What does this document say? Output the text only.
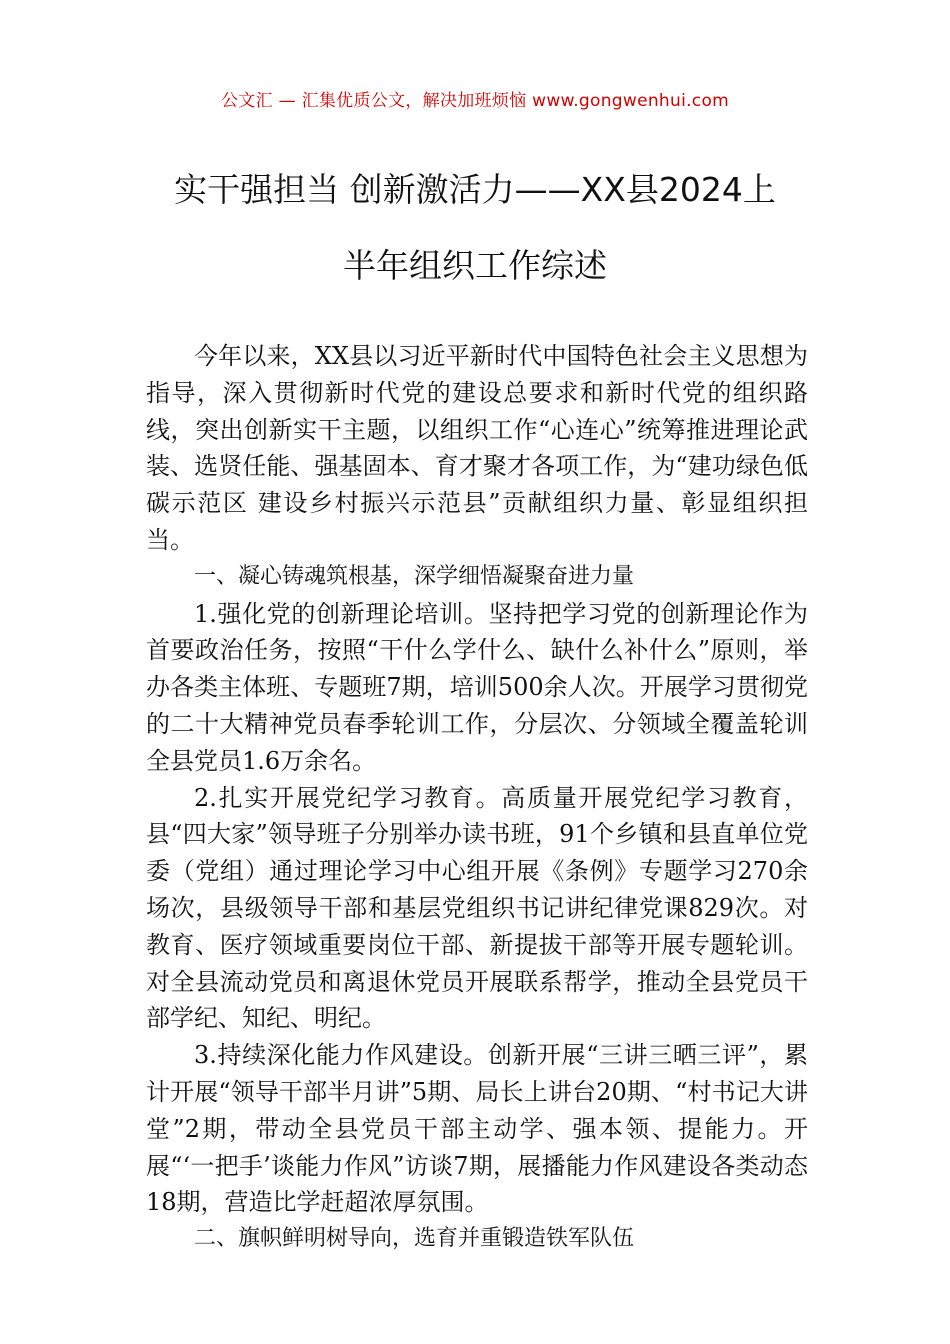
公文汇 — 汇集优质公文，解决加班烦恼 www.gongwenhui.com
实干强担当 创新激活力——XX县2024上
半年组织工作综述

今年以来，XX县以习近平新时代中国特色社会主义思想为指导，深入贯彻新时代党的建设总要求和新时代党的组织路线，突出创新实干主题，以组织工作“心连心”统筹推进理论武装、选贤任能、强基固本、育才聚才各项工作，为“建功绿色低碳示范区 建设乡村振兴示范县”贡献组织力量、彰显组织担当。

一、凝心铸魂筑根基，深学细悟凝聚奋进力量

1.强化党的创新理论培训。坚持把学习党的创新理论作为首要政治任务，按照“干什么学什么、缺什么补什么”原则，举办各类主体班、专题班7期，培训500余人次。开展学习贯彻党的二十大精神党员春季轮训工作，分层次、分领域全覆盖轮训全县党员1.6万余名。

2.扎实开展党纪学习教育。高质量开展党纪学习教育，县“四大家”领导班子分别举办读书班，91个乡镇和县直单位党委（党组）通过理论学习中心组开展《条例》专题学习270余场次，县级领导干部和基层党组织书记讲纪律党课829次。对教育、医疗领域重要岗位干部、新提拔干部等开展专题轮训。对全县流动党员和离退休党员开展联系帮学，推动全县党员干部学纪、知纪、明纪。

3.持续深化能力作风建设。创新开展“三讲三晒三评”，累计开展“领导干部半月讲”5期、局长上讲台20期、“村书记大讲堂”2期，带动全县党员干部主动学、强本领、提能力。开展“‘一把手’谈能力作风”访谈7期，展播能力作风建设各类动态18期，营造比学赶超浓厚氛围。

二、旗帜鲜明树导向，选育并重锻造铁军队伍
